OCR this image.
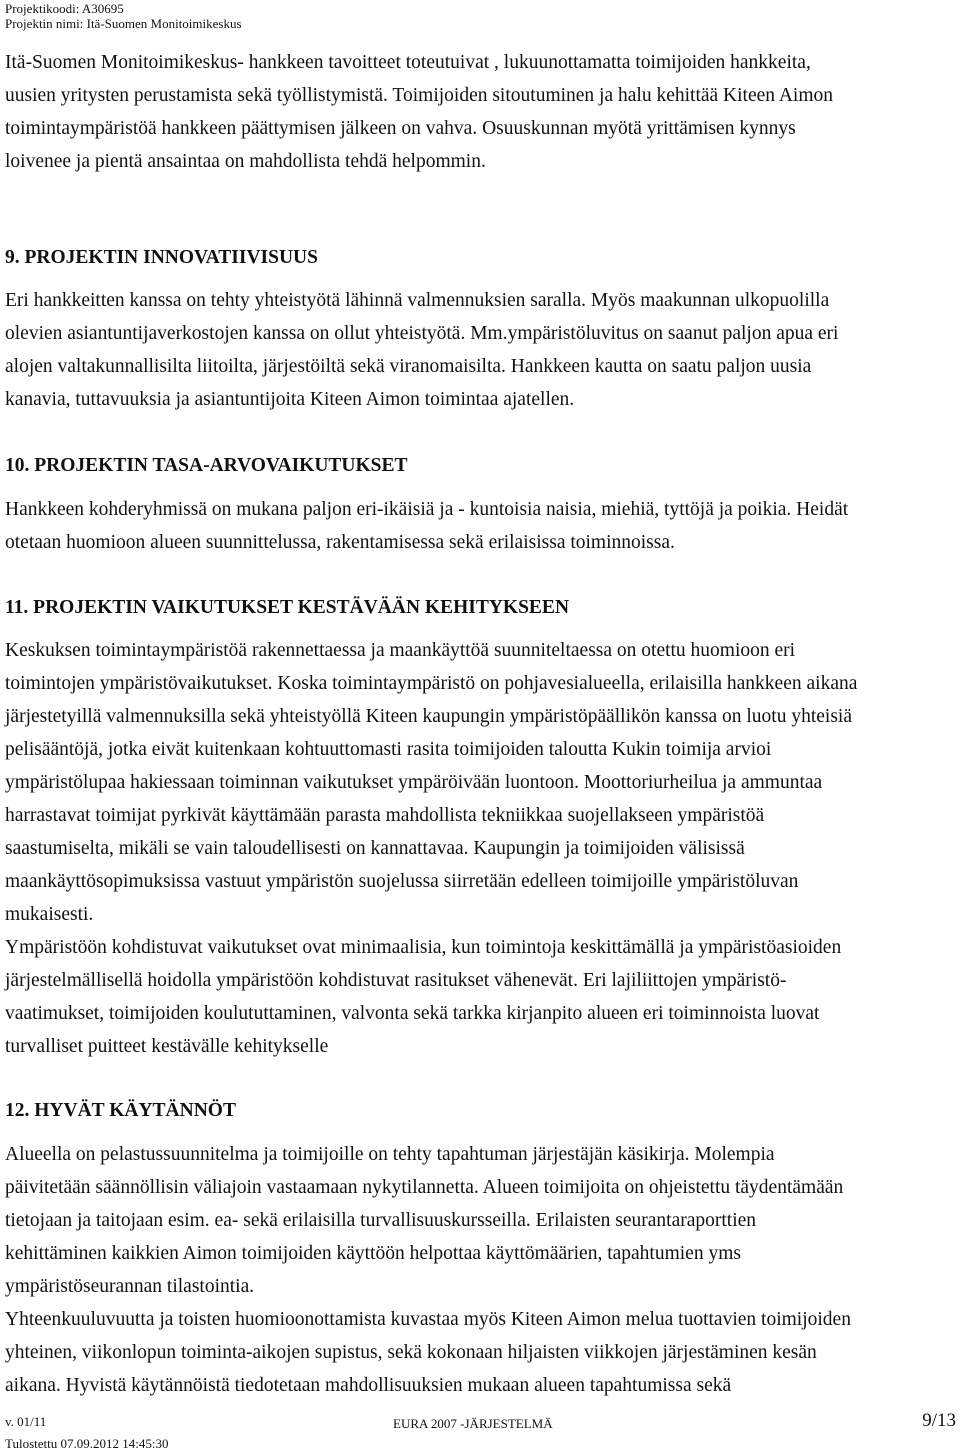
Projektikoodi: A30695
Projektin nimi: Itä-Suomen Monitoimikeskus
Itä-Suomen Monitoimikeskus- hankkeen tavoitteet toteutuivat , lukuunottamatta toimijoiden hankkeita,
uusien yritysten perustamista sekä työllistymistä. Toimijoiden sitoutuminen ja halu kehittää Kiteen Aimon
toimintaympäristöä hankkeen päättymisen jälkeen on vahva. Osuuskunnan myötä yrittämisen kynnys
loivenee ja pientä ansaintaa on mahdollista tehdä helpommin.
9. PROJEKTIN INNOVATIIVISUUS
Eri hankkeitten kanssa on tehty yhteistyötä lähinnä valmennuksien saralla. Myös maakunnan ulkopuolilla
olevien asiantuntijaverkostojen kanssa on ollut yhteistyötä. Mm.ympäristöluvitus on saanut paljon apua eri
alojen valtakunnallisilta liitoilta, järjestöiltä sekä viranomaisilta. Hankkeen kautta on saatu paljon uusia
kanavia, tuttavuuksia ja asiantuntijoita Kiteen Aimon toimintaa ajatellen.
10. PROJEKTIN TASA-ARVOVAIKUTUKSET
Hankkeen kohderyhmissä on mukana paljon eri-ikäisiä ja - kuntoisia naisia, miehiä, tyttöjä ja poikia. Heidät
otetaan huomioon alueen suunnittelussa, rakentamisessa sekä erilaisissa toiminnoissa.
11. PROJEKTIN VAIKUTUKSET KESTÄVÄÄN KEHITYKSEEN
Keskuksen toimintaympäristöä rakennettaessa ja maankäyttöä suunniteltaessa on otettu huomioon eri
toimintojen ympäristövaikutukset. Koska toimintaympäristö on pohjavesialueella, erilaisilla hankkeen aikana
järjestetyillä valmennuksilla sekä yhteistyöllä Kiteen kaupungin ympäristöpäällikön kanssa on luotu yhteisiä
pelisääntöjä, jotka eivät kuitenkaan kohtuuttomasti rasita toimijoiden taloutta Kukin toimija arvioi
ympäristölupaa hakiessaan toiminnan vaikutukset ympäröivään luontoon. Moottoriurheilua ja ammuntaa
harrastavat toimijat pyrkivät käyttämään parasta mahdollista tekniikkaa suojellakseen ympäristöä
saastumiselta, mikäli se vain taloudellisesti on kannattavaa. Kaupungin ja toimijoiden välisissä
maankäyttösopimuksissa vastuut ympäristön suojelussa siirretään edelleen toimijoille ympäristöluvan
mukaisesti.
Ympäristöön kohdistuvat vaikutukset ovat minimaalisia, kun toimintoja keskittämällä ja ympäristöasioiden
järjestelmällisellä hoidolla ympäristöön kohdistuvat rasitukset vähenevät. Eri lajiliittojen ympäristö-
vaatimukset, toimijoiden koulututtaminen, valvonta sekä tarkka kirjanpito alueen eri toiminnoista luovat
turvalliset puitteet kestävälle kehitykselle
12. HYVÄT KÄYTÄNNÖT
Alueella on pelastussuunnitelma ja toimijoille on tehty tapahtuman järjestäjän käsikirja. Molempia
päivitetään säännöllisin väliajoin vastaamaan nykytilannetta. Alueen toimijoita on ohjeistettu täydentämään
tietojaan ja taitojaan esim. ea- sekä erilaisilla turvallisuuskursseilla. Erilaisten seurantaraporttien
kehittäminen kaikkien Aimon toimijoiden käyttöön helpottaa käyttömäärien, tapahtumien yms
ympäristöseurannan tilastointia.
Yhteenkuuluvuutta ja toisten huomioonottamista kuvastaa myös Kiteen Aimon melua tuottavien toimijoiden
yhteinen, viikonlopun toiminta-aikojen supistus, sekä kokonaan hiljaisten viikkojen järjestäminen kesän
aikana. Hyvistä käytännöistä tiedotetaan mahdollisuuksien mukaan alueen tapahtumissa sekä
v. 01/11
Tulostettu 07.09.2012 14:45:30
EURA 2007 -JÄRJESTELMÄ	9/13
